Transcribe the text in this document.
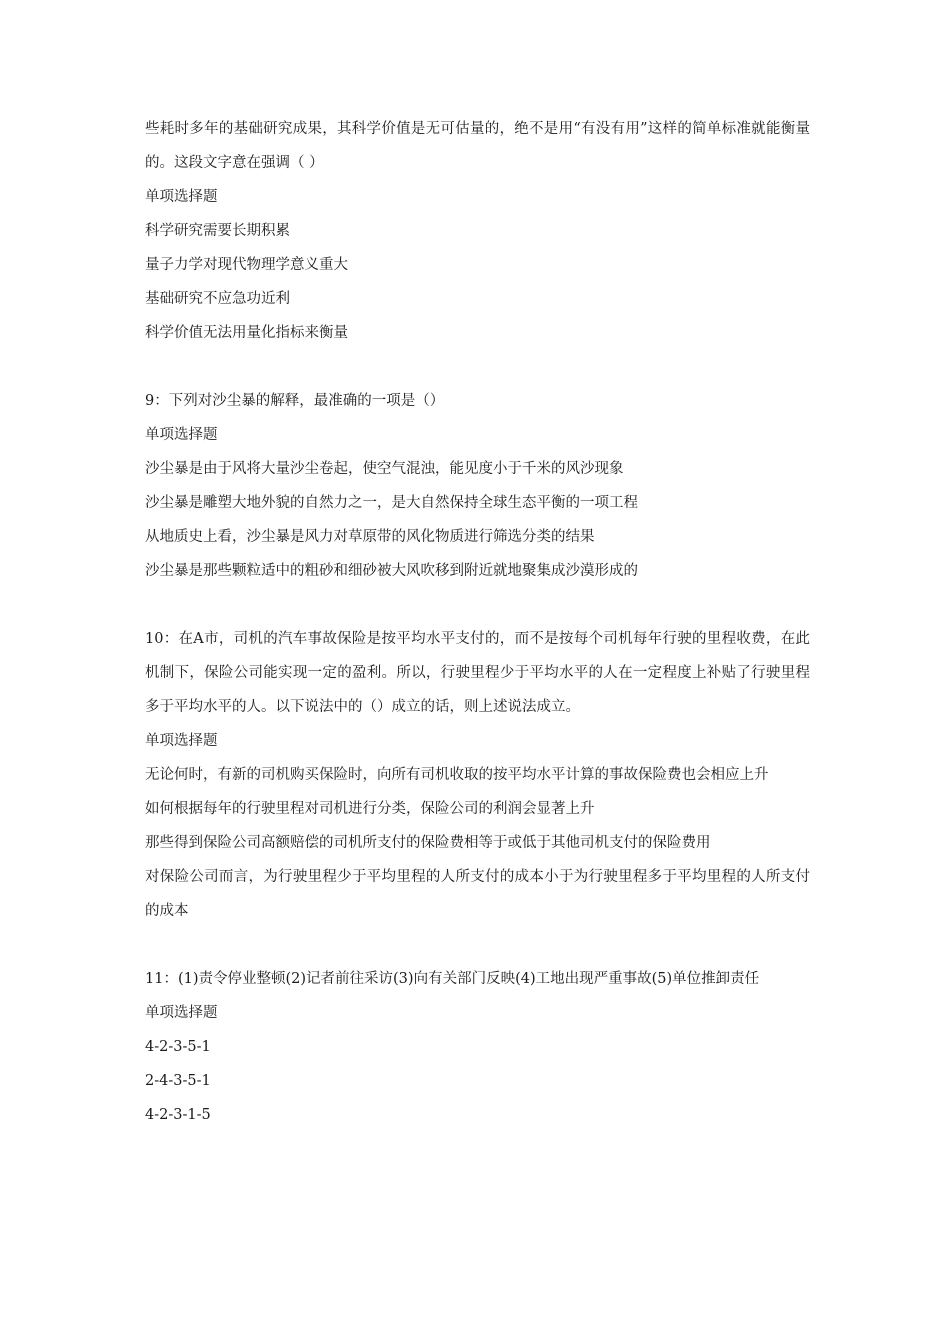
些耗时多年的基础研究成果，其科学价值是无可估量的，绝不是用“有没有用”这样的简单标准就能衡量的。这段文字意在强调（ ）
单项选择题
科学研究需要长期积累
量子力学对现代物理学意义重大
基础研究不应急功近利
科学价值无法用量化指标来衡量
9：下列对沙尘暴的解释，最准确的一项是（）
单项选择题
沙尘暴是由于风将大量沙尘卷起，使空气混浊，能见度小于千米的风沙现象
沙尘暴是雕塑大地外貌的自然力之一，是大自然保持全球生态平衡的一项工程
从地质史上看，沙尘暴是风力对草原带的风化物质进行筛选分类的结果
沙尘暴是那些颗粒适中的粗砂和细砂被大风吹移到附近就地聚集成沙漠形成的
10：在A市，司机的汽车事故保险是按平均水平支付的，而不是按每个司机每年行驶的里程收费，在此机制下，保险公司能实现一定的盈利。所以，行驶里程少于平均水平的人在一定程度上补贴了行驶里程多于平均水平的人。以下说法中的（）成立的话，则上述说法成立。
单项选择题
无论何时，有新的司机购买保险时，向所有司机收取的按平均水平计算的事故保险费也会相应上升
如何根据每年的行驶里程对司机进行分类，保险公司的利润会显著上升
那些得到保险公司高额赔偿的司机所支付的保险费相等于或低于其他司机支付的保险费用
对保险公司而言，为行驶里程少于平均里程的人所支付的成本小于为行驶里程多于平均里程的人所支付的成本
11：(1)责令停业整顿(2)记者前往采访(3)向有关部门反映(4)工地出现严重事故(5)单位推卸责任
单项选择题
4-2-3-5-1
2-4-3-5-1
4-2-3-1-5
